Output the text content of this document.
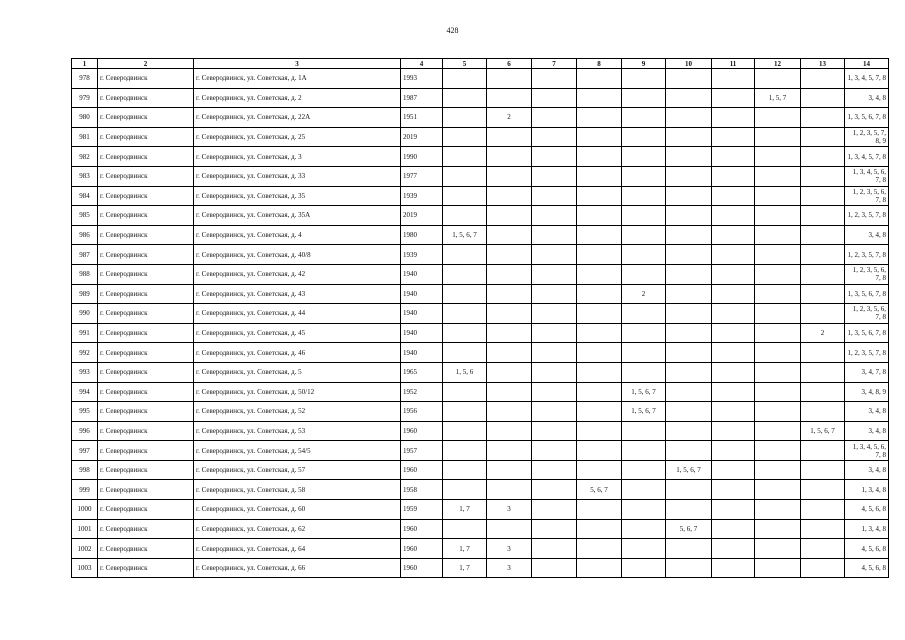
428
1	2	3	4	5	6	7	8	9	10	11	12	13	14
978	г. Северодвинск	г. Северодвинск, ул. Советская, д. 1А	1993										1, 3, 4, 5, 7, 8
979	г. Северодвинск	г. Северодвинск, ул. Советская, д. 2	1987								1, 5, 7		3, 4, 8
980	г. Северодвинск	г. Северодвинск, ул. Советская, д. 22А	1951		2								1, 3, 5, 6, 7, 8
981	г. Северодвинск	г. Северодвинск, ул. Советская, д. 25	2019										1, 2, 3, 5, 7, 8, 9
982	г. Северодвинск	г. Северодвинск, ул. Советская, д. 3	1990										1, 3, 4, 5, 7, 8
983	г. Северодвинск	г. Северодвинск, ул. Советская, д. 33	1977										1, 3, 4, 5, 6, 7, 8
984	г. Северодвинск	г. Северодвинск, ул. Советская, д. 35	1939										1, 2, 3, 5, 6, 7, 8
985	г. Северодвинск	г. Северодвинск, ул. Советская, д. 35А	2019										1, 2, 3, 5, 7, 8
986	г. Северодвинск	г. Северодвинск, ул. Советская, д. 4	1980	1, 5, 6, 7									3, 4, 8
987	г. Северодвинск	г. Северодвинск, ул. Советская, д. 40/8	1939										1, 2, 3, 5, 7, 8
988	г. Северодвинск	г. Северодвинск, ул. Советская, д. 42	1940										1, 2, 3, 5, 6, 7, 8
989	г. Северодвинск	г. Северодвинск, ул. Советская, д. 43	1940					2					1, 3, 5, 6, 7, 8
990	г. Северодвинск	г. Северодвинск, ул. Советская, д. 44	1940										1, 2, 3, 5, 6, 7, 8
991	г. Северодвинск	г. Северодвинск, ул. Советская, д. 45	1940									2	1, 3, 5, 6, 7, 8
992	г. Северодвинск	г. Северодвинск, ул. Советская, д. 46	1940										1, 2, 3, 5, 7, 8
993	г. Северодвинск	г. Северодвинск, ул. Советская, д. 5	1965	1, 5, 6									3, 4, 7, 8
994	г. Северодвинск	г. Северодвинск, ул. Советская, д. 50/12	1952					1, 5, 6, 7					3, 4, 8, 9
995	г. Северодвинск	г. Северодвинск, ул. Советская, д. 52	1956					1, 5, 6, 7					3, 4, 8
996	г. Северодвинск	г. Северодвинск, ул. Советская, д. 53	1960									1, 5, 6, 7	3, 4, 8
997	г. Северодвинск	г. Северодвинск, ул. Советская, д. 54/5	1957										1, 3, 4, 5, 6, 7, 8
998	г. Северодвинск	г. Северодвинск, ул. Советская, д. 57	1960						1, 5, 6, 7				3, 4, 8
999	г. Северодвинск	г. Северодвинск, ул. Советская, д. 58	1958				5, 6, 7						1, 3, 4, 8
1000	г. Северодвинск	г. Северодвинск, ул. Советская, д. 60	1959	1, 7	3								4, 5, 6, 8
1001	г. Северодвинск	г. Северодвинск, ул. Советская, д. 62	1960						5, 6, 7				1, 3, 4, 8
1002	г. Северодвинск	г. Северодвинск, ул. Советская, д. 64	1960	1, 7	3								4, 5, 6, 8
1003	г. Северодвинск	г. Северодвинск, ул. Советская, д. 66	1960	1, 7	3								4, 5, 6, 8
